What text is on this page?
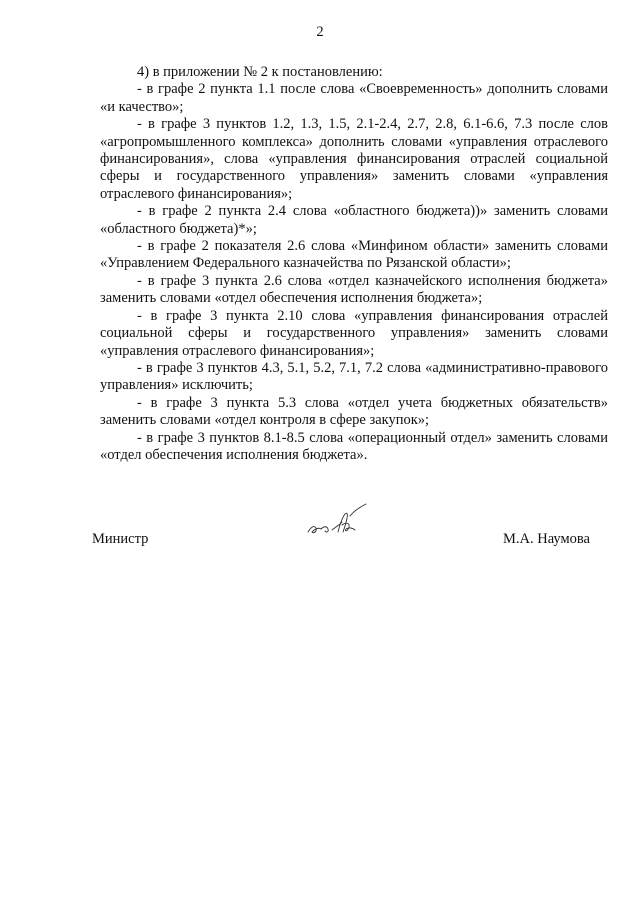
2

4) в приложении № 2 к постановлению:

- в графе 2 пункта 1.1 после слова «Своевременность» дополнить словами «и качество»;

- в графе 3 пунктов 1.2, 1.3, 1.5, 2.1-2.4, 2.7, 2.8, 6.1-6.6, 7.3 после слов «агропромышленного комплекса» дополнить словами «управления отраслевого финансирования», слова «управления финансирования отраслей социальной сферы и государственного управления» заменить словами «управления отраслевого финансирования»;

- в графе 2 пункта 2.4 слова «областного бюджета))» заменить словами «областного бюджета)*»;

- в графе 2 показателя 2.6 слова «Минфином области» заменить словами «Управлением Федерального казначейства по Рязанской области»;

- в графе 3 пункта 2.6 слова «отдел казначейского исполнения бюджета» заменить словами «отдел обеспечения исполнения бюджета»;

- в графе 3 пункта 2.10 слова «управления финансирования отраслей социальной сферы и государственного управления» заменить словами «управления отраслевого финансирования»;

- в графе 3 пунктов 4.3, 5.1, 5.2, 7.1, 7.2 слова «административно-правового управления» исключить;

- в графе 3 пункта 5.3 слова «отдел учета бюджетных обязательств» заменить словами «отдел контроля в сфере закупок»;

- в графе 3 пунктов 8.1-8.5 слова «операционный отдел» заменить словами «отдел обеспечения исполнения бюджета».

Министр	М.А. Наумова
